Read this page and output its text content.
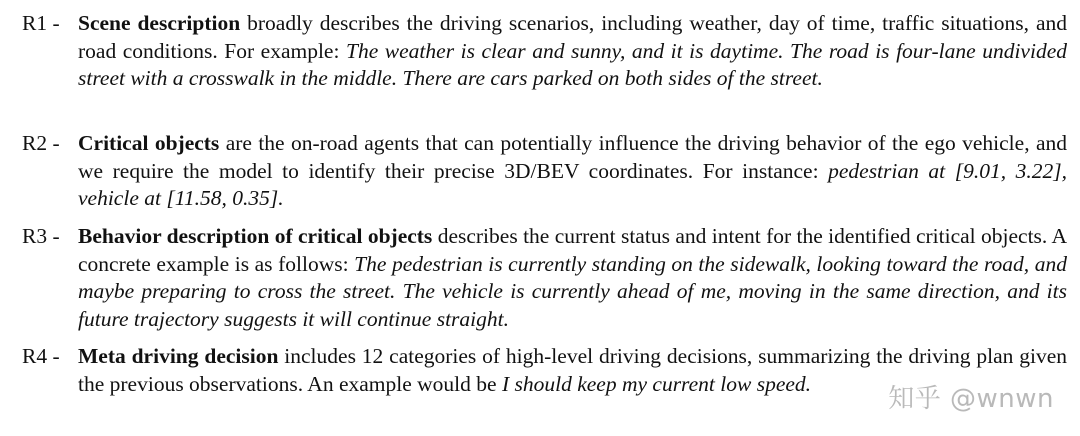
R1 - Scene description broadly describes the driving scenarios, including weather, day of time, traffic situations, and road conditions. For example: The weather is clear and sunny, and it is daytime. The road is four-lane undivided street with a crosswalk in the middle. There are cars parked on both sides of the street.
R2 - Critical objects are the on-road agents that can potentially influence the driving behavior of the ego vehicle, and we require the model to identify their precise 3D/BEV coordinates. For instance: pedestrian at [9.01, 3.22], vehicle at [11.58, 0.35].
R3 - Behavior description of critical objects describes the current status and intent for the identified critical objects. A concrete example is as follows: The pedestrian is currently standing on the sidewalk, looking toward the road, and maybe preparing to cross the street. The vehicle is currently ahead of me, moving in the same direction, and its future trajectory suggests it will continue straight.
R4 - Meta driving decision includes 12 categories of high-level driving decisions, summarizing the driving plan given the previous observations. An example would be I should keep my current low speed.
知乎 @wnwn
